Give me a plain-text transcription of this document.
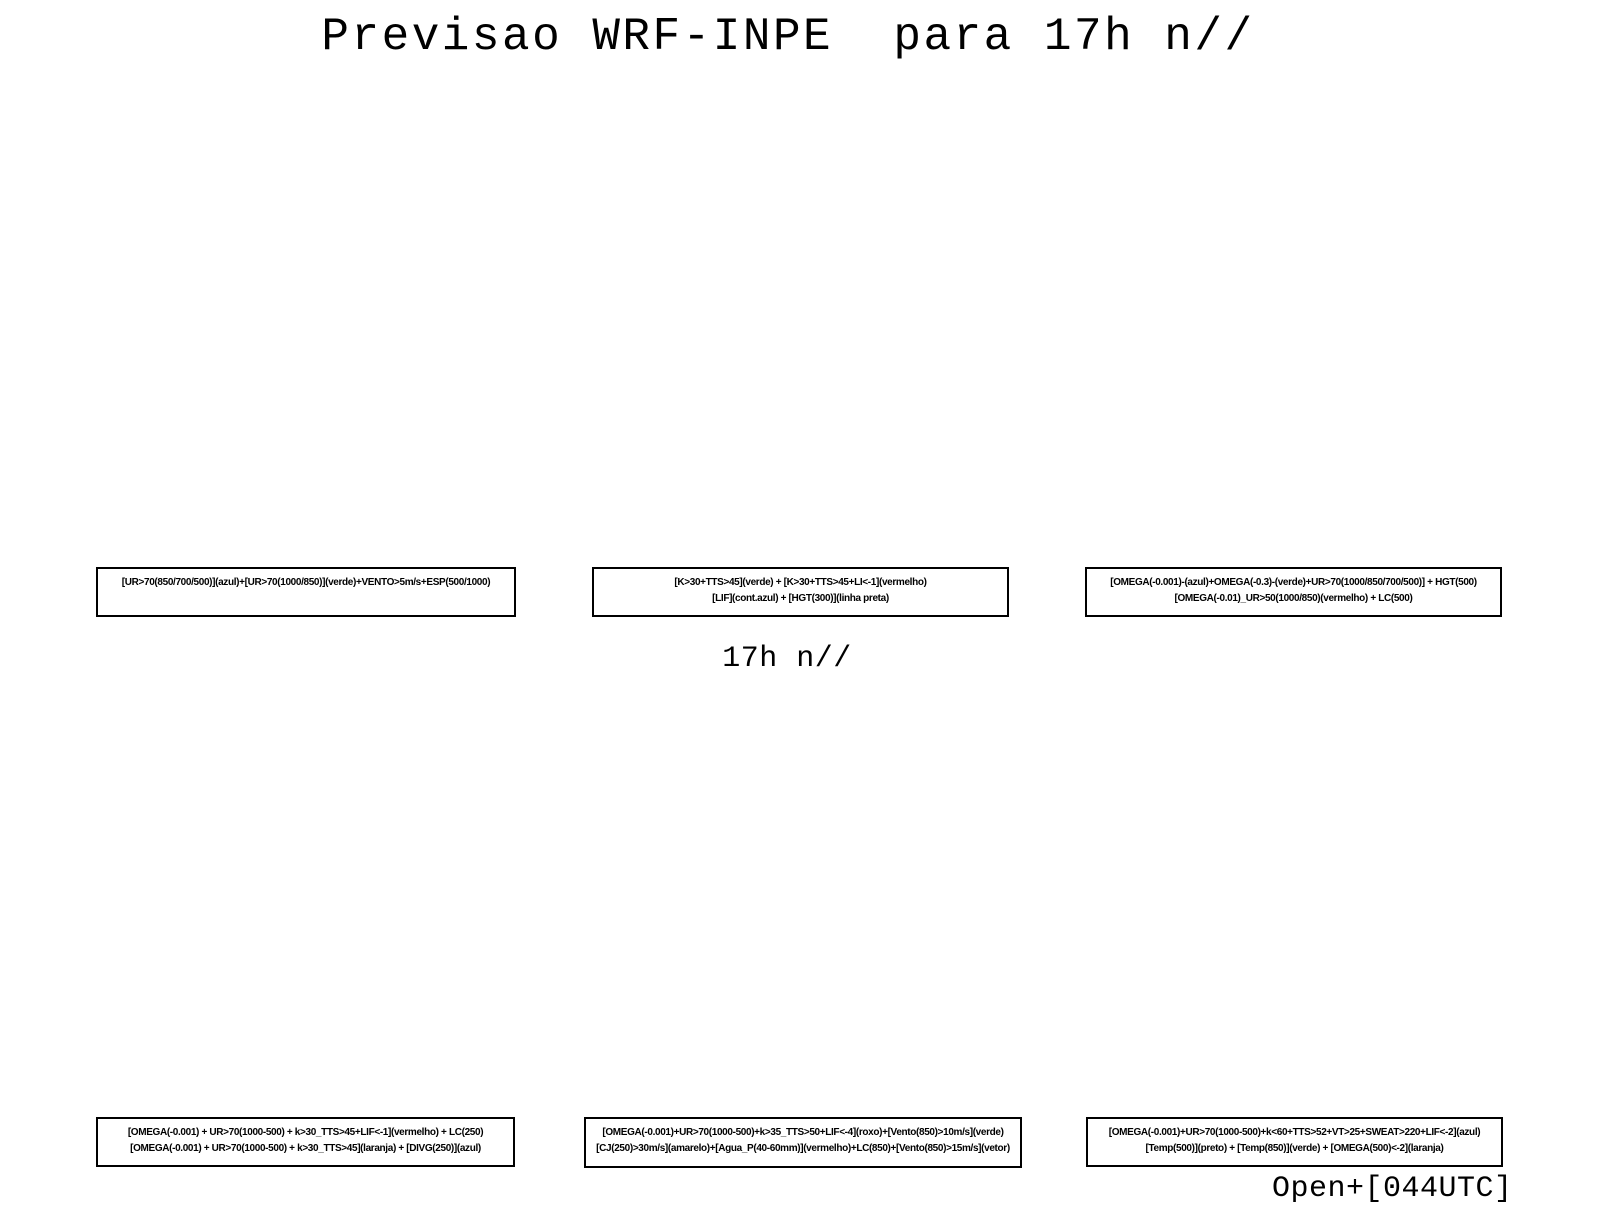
Previsao WRF-INPE  para 17h n//
[UR>70(850/700/500)](azul)+[UR>70(1000/850)](verde)+VENTO>5m/s+ESP(500/1000)	[K>30+TTS>45](verde) + [K>30+TTS>45+LI<-1](vermelho)
[LIF](cont.azul) + [HGT(300)](linha preta)
[OMEGA(-0.001)-(azul)+OMEGA(-0.3)-(verde)+UR>70(1000/850/700/500)] + HGT(500)
[OMEGA(-0.01)_UR>50(1000/850)(vermelho) + LC(500)
17h n//
[OMEGA(-0.001) + UR>70(1000-500) + k>30_TTS>45+LIF<-1](vermelho) + LC(250)
[OMEGA(-0.001) + UR>70(1000-500) + k>30_TTS>45](laranja) + [DIVG(250)](azul)
[OMEGA(-0.001)+UR>70(1000-500)+k>35_TTS>50+LIF<-4](roxo)+[Vento(850)>10m/s](verde)
[CJ(250)>30m/s](amarelo)+[Agua_P(40-60mm)](vermelho)+LC(850)+[Vento(850)>15m/s](vetor)
[OMEGA(-0.001)+UR>70(1000-500)+k<60+TTS>52+VT>25+SWEAT>220+LIF<-2](azul)
[Temp(500)](preto) + [Temp(850)](verde) + [OMEGA(500)<-2](laranja)
Open+[044UTC]
